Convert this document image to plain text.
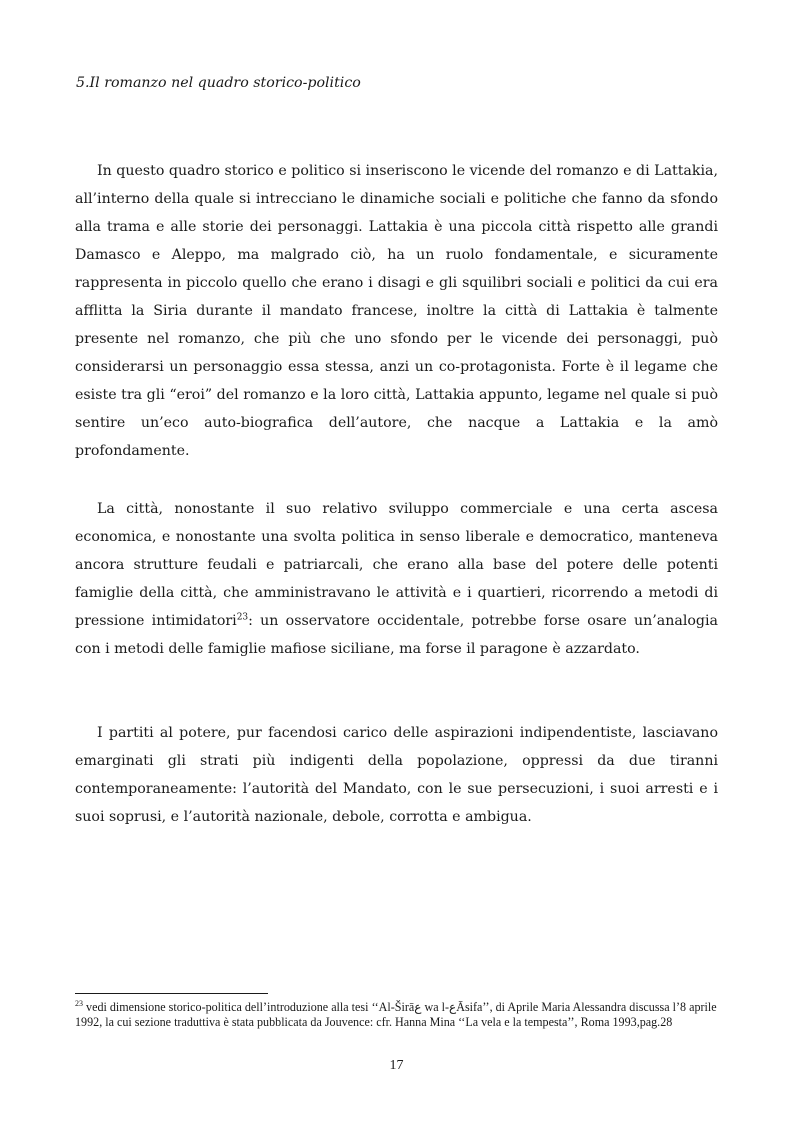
5.Il romanzo nel quadro storico-politico

In questo quadro storico e politico si inseriscono le vicende del romanzo e di Lattakia, all’interno della quale si intrecciano le dinamiche sociali e politiche che fanno da sfondo alla trama e alle storie dei personaggi. Lattakia è una piccola città rispetto alle grandi Damasco e Aleppo, ma malgrado ciò, ha un ruolo fondamentale, e sicuramente rappresenta in piccolo quello che erano i disagi e gli squilibri sociali e politici da cui era afflitta la Siria durante il mandato francese, inoltre la città di Lattakia è talmente presente nel romanzo, che più che uno sfondo per le vicende dei personaggi, può considerarsi un personaggio essa stessa, anzi un co-protagonista. Forte è il legame che esiste tra gli “eroi” del romanzo e la loro città, Lattakia appunto, legame nel quale si può sentire un’eco auto-biografica dell’autore, che nacque a Lattakia e la amò profondamente.

La città, nonostante il suo relativo sviluppo commerciale e una certa ascesa economica, e nonostante una svolta politica in senso liberale e democratico, manteneva ancora strutture feudali e patriarcali, che erano alla base del potere delle potenti famiglie della città, che amministravano le attività e i quartieri, ricorrendo a metodi di pressione intimidatori$^{23}$: un osservatore occidentale, potrebbe forse osare un’analogia con i metodi delle famiglie mafiose siciliane, ma forse il paragone è azzardato.

I partiti al potere, pur facendosi carico delle aspirazioni indipendentiste, lasciavano emarginati gli strati più indigenti della popolazione, oppressi da due tiranni contemporaneamente: l’autorità del Mandato, con le sue persecuzioni, i suoi arresti e i suoi soprusi, e l’autorità nazionale, debole, corrotta e ambigua.

$^{23}$ vedi dimensione storico-politica dell’introduzione alla tesi ‘‘Al-Širāع wa l-عĀsifa’’, di Aprile Maria Alessandra discussa l’8 aprile 1992, la cui sezione traduttiva è stata pubblicata da Jouvence: cfr. Hanna Mina ‘‘La vela e la tempesta’’, Roma 1993,pag.28

17
